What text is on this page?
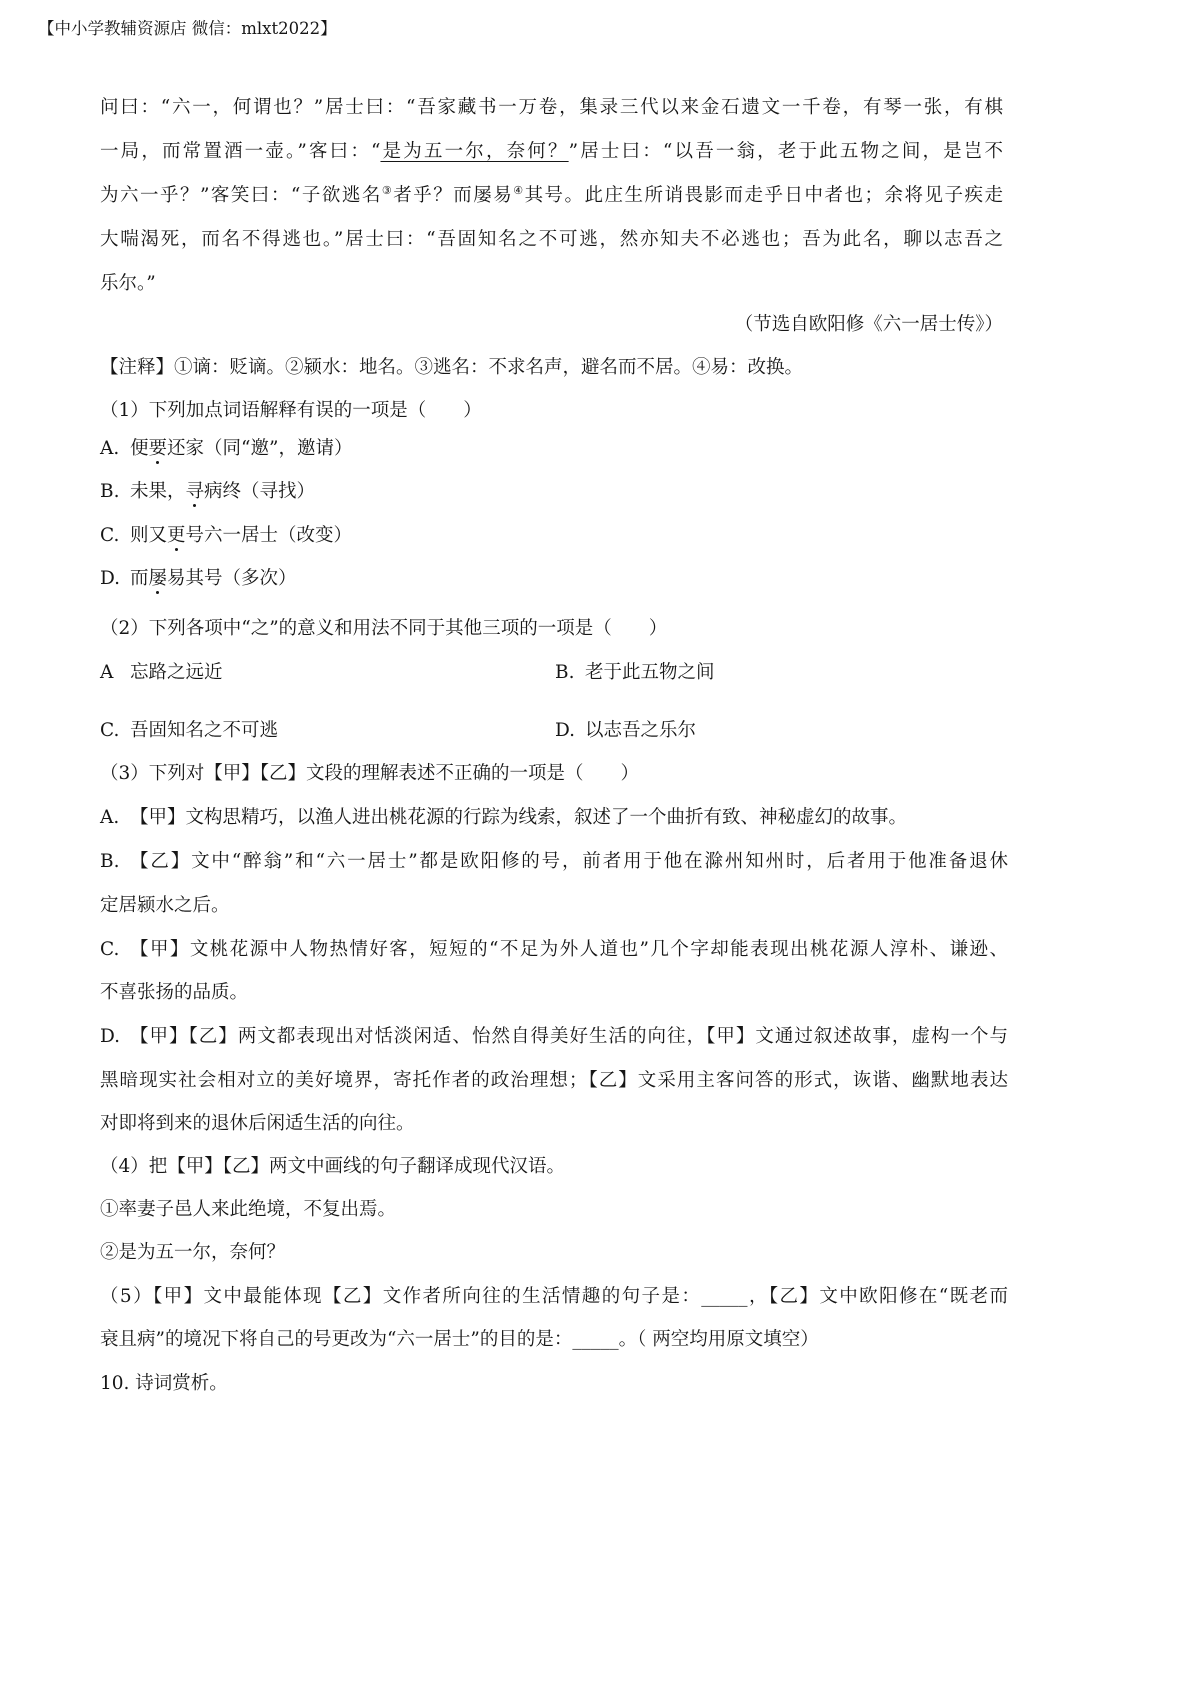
【中小学教辅资源店 微信：mlxt2022】
问曰：“六一，何谓也？”居士曰：“吾家藏书一万卷，集录三代以来金石遗文一千卷，有琴一张，有棋
一局，而常置酒一壶。”客曰：“是为五一尔，奈何？”居士曰：“以吾一翁，老于此五物之间，是岂不
为六一乎？”客笑曰：“子欲逃名③者乎？而屡易④其号。此庄生所诮畏影而走乎日中者也；余将见子疾走
大喘渴死，而名不得逃也。”居士曰：“吾固知名之不可逃，然亦知夫不必逃也；吾为此名，聊以志吾之
乐尔。”
（节选自欧阳修《六一居士传》）
【注释】①谪：贬谪。②颍水：地名。③逃名：不求名声，避名而不居。④易：改换。
（1）下列加点词语解释有误的一项是（　　）
A. 便要还家（同“邀”，邀请）
B. 未果，寻病终（寻找）
C. 则又更号六一居士（改变）
D. 而屡易其号（多次）
（2）下列各项中“之”的意义和用法不同于其他三项的一项是（　　）
A 忘路之远近	B. 老于此五物之间
C. 吾固知名之不可逃	D. 以志吾之乐尔
（3）下列对【甲】【乙】文段的理解表述不正确的一项是（　　）
A. 【甲】文构思精巧，以渔人进出桃花源的行踪为线索，叙述了一个曲折有致、神秘虚幻的故事。
B. 【乙】文中“醉翁”和“六一居士”都是欧阳修的号，前者用于他在滁州知州时，后者用于他准备退休
定居颍水之后。
C. 【甲】文桃花源中人物热情好客，短短的“不足为外人道也”几个字却能表现出桃花源人淳朴、谦逊、
不喜张扬的品质。
D. 【甲】【乙】两文都表现出对恬淡闲适、怡然自得美好生活的向往，【甲】文通过叙述故事，虚构一个与
黑暗现实社会相对立的美好境界，寄托作者的政治理想；【乙】文采用主客问答的形式，诙谐、幽默地表达
对即将到来的退休后闲适生活的向往。
（4）把【甲】【乙】两文中画线的句子翻译成现代汉语。
①率妻子邑人来此绝境，不复出焉。
②是为五一尔，奈何？
（5）【甲】文中最能体现【乙】文作者所向往的生活情趣的句子是：_____，【乙】文中欧阳修在“既老而
衰且病”的境况下将自己的号更改为“六一居士”的目的是：_____。（ 两空均用原文填空）
10. 诗词赏析。
